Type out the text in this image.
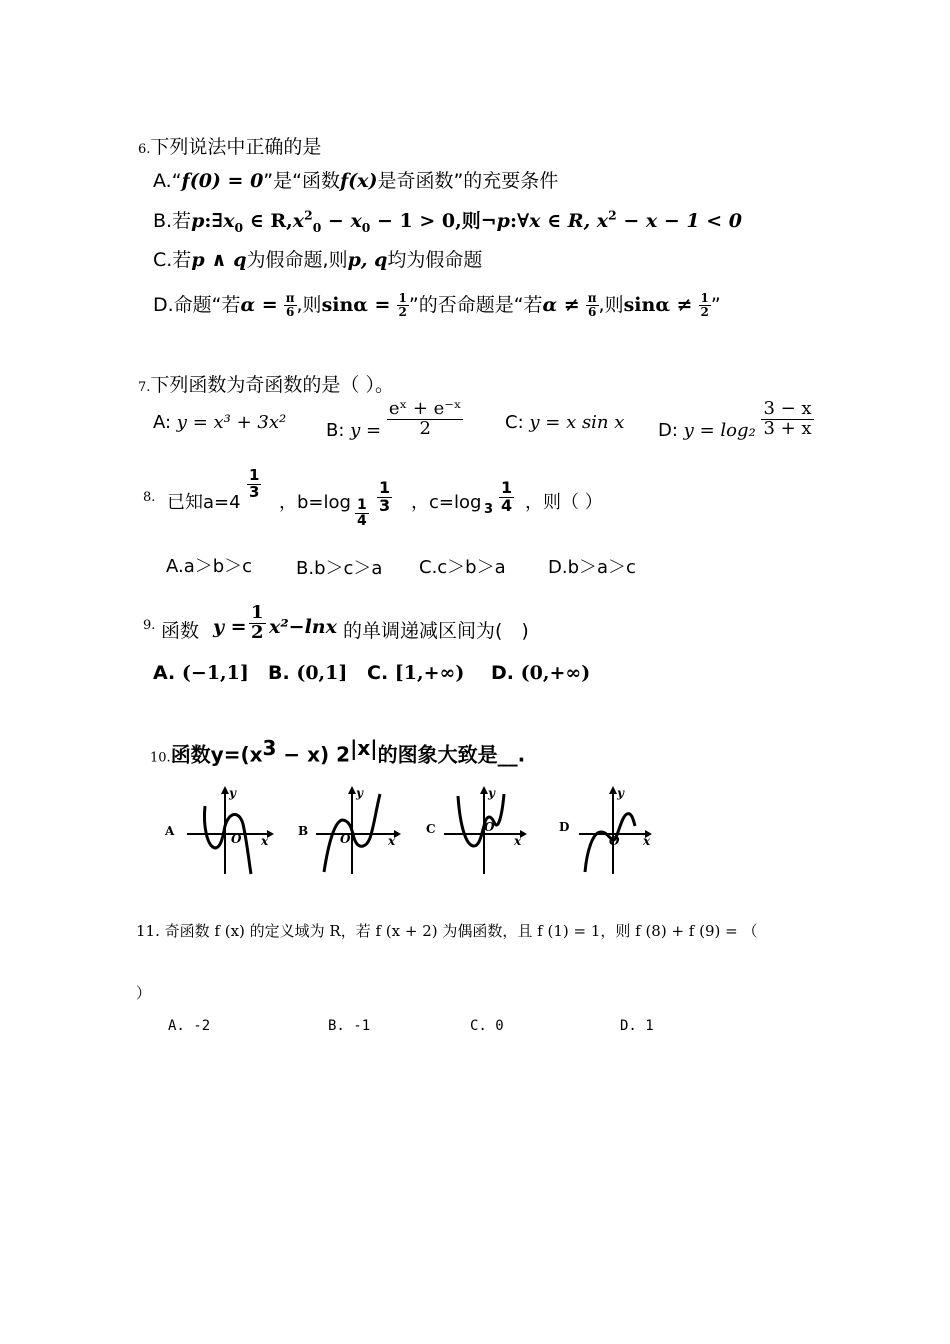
6.下列说法中正确的是
A.“f(0) = 0”是“函数f(x)是奇函数”的充要条件
B.若$p:\exists x_0$ ∈ $R,x^2_0 - x_0 - 1 > 0$,则¬p:∀x ∈ R, $x^2 - x - 1 < 0$
C.若p ∧ q为假命题,则p, q均为假命题
D.命题“若$\alpha = \frac{\pi}{6}$ ,则$\sin\alpha = \frac{1}{2}$ ”的否命题是“若$\alpha \ne \frac{\pi}{6}$ ,则$\sin\alpha \ne \frac{1}{2}$ ”
7.下列函数为奇函数的是（ ）。
A: y = x³ + 3x² B: $y = \frac{\text{eˣ + e⁻ˣ}}{2} C$: y = x sin x D: $y = \log_2 \frac{3 - x}{3 + x}$
8. 已知a=4
$\frac{1}{3}$
，$b=\log \frac{1}{4} \frac{1}{3}$ ，c=log $3 \frac{1}{4}$ ，则（ ）
A.a＞b＞c B.b＞c＞a C.c＞b＞a D.b＞a＞c
9. 函数 $y = \frac{1}{2} x^2-\ln x$ 的单调递减区间为(　)
A. (−1,1] B. (0,1] C. [1,+∞) D. (0,+∞)
10.函数$y=(x^3 - x)$ $2^{|x|}$的图象大致是__.
A
O x
y
B
O	x
y
C	O
x
y
D
O x
y
11. 奇函数 f (x) 的定义域为 R，若 f (x + 2) 为偶函数，且 f (1) = 1，则 f (8) + f (9) = （
）
A. -2	B. -1	C. 0	D. 1
